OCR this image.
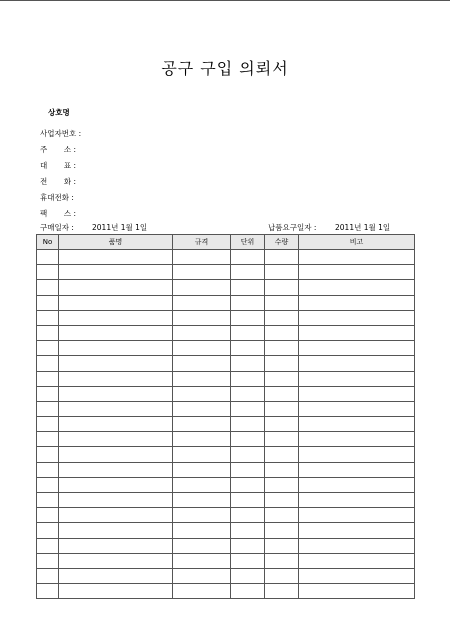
공구 구입 의뢰서
상호명
사업자번호 :
주       소 :
대       표 :
전       화 :
휴대전화 :
팩       스 :
구매일자 : 2011년 1월 1일	납품요구일자 : 2011년 1월 1일
No	품명	규격	단위	수량	비고
